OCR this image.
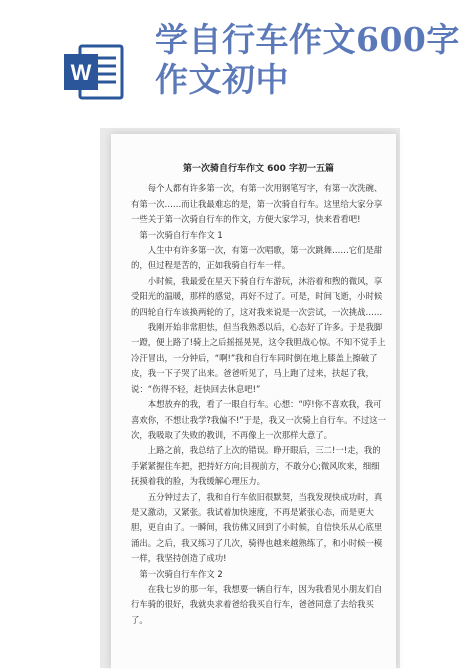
W
学自行车作文600字作文初中
第一次骑自行车作文 600 字初一五篇

每个人都有许多第一次，有第一次用钢笔写字，有第一次洗碗、有第一次……而让我最难忘的是，第一次骑自行车。这里给大家分享一些关于第一次骑自行车的作文，方便大家学习，快来看看吧!

第一次骑自行车作文 1

人生中有许多第一次，有第一次唱歌，第一次跳舞……它们是甜的，但过程是苦的，正如我骑自行车一样。

小时候，我最爱在星天下骑自行车游玩，沐浴着和煦的微风，享受阳光的温暖，那样的感觉，再好不过了。可是，时间飞逝，小时候的四轮自行车该换两轮的了，这对我来说是一次尝试，一次挑战……

我刚开始非常胆怯，但当我熟悉以后，心态好了许多。于是我脚一蹬，便上路了!骑上之后摇摇晃晃，这令我胆战心惊。不知不觉手上冷汗冒出，一分钟后，“啊!”我和自行车同时倒在地上膝盖上擦破了皮，我一下子哭了出来。爸爸听见了，马上跑了过来，扶起了我，说：“伤得不轻，赶快回去休息吧!”

本想放弃的我，看了一眼自行车。心想：“哼!你不喜欢我，我可喜欢你，不想让我学?我偏不!”于是，我又一次骑上自行车。不过这一次，我吸取了失败的教训，不再像上一次那样大意了。

上路之前，我总结了上次的错误。睁开眼后，三二!一!走，我的手紧紧握住车把，把持好方向;目视前方，不敢分心;微风吹来，细细抚摸着我的脸，为我缓解心理压力。

五分钟过去了，我和自行车依旧很默契，当我发现快成功时，真是又激动，又紧张。我试着加快速度，不再是紧张心态，而是更大胆，更自由了。一瞬间，我仿佛又回到了小时候，自信快乐从心底里涌出。之后，我又练习了几次，骑得也越来越熟练了，和小时候一模一样，我坚持创造了成功!

第一次骑自行车作文 2

在我七岁的那一年，我想要一辆自行车，因为我看见小朋友们自行车骑的很好，我就央求着爸给我买自行车，爸爸同意了去给我买了。
